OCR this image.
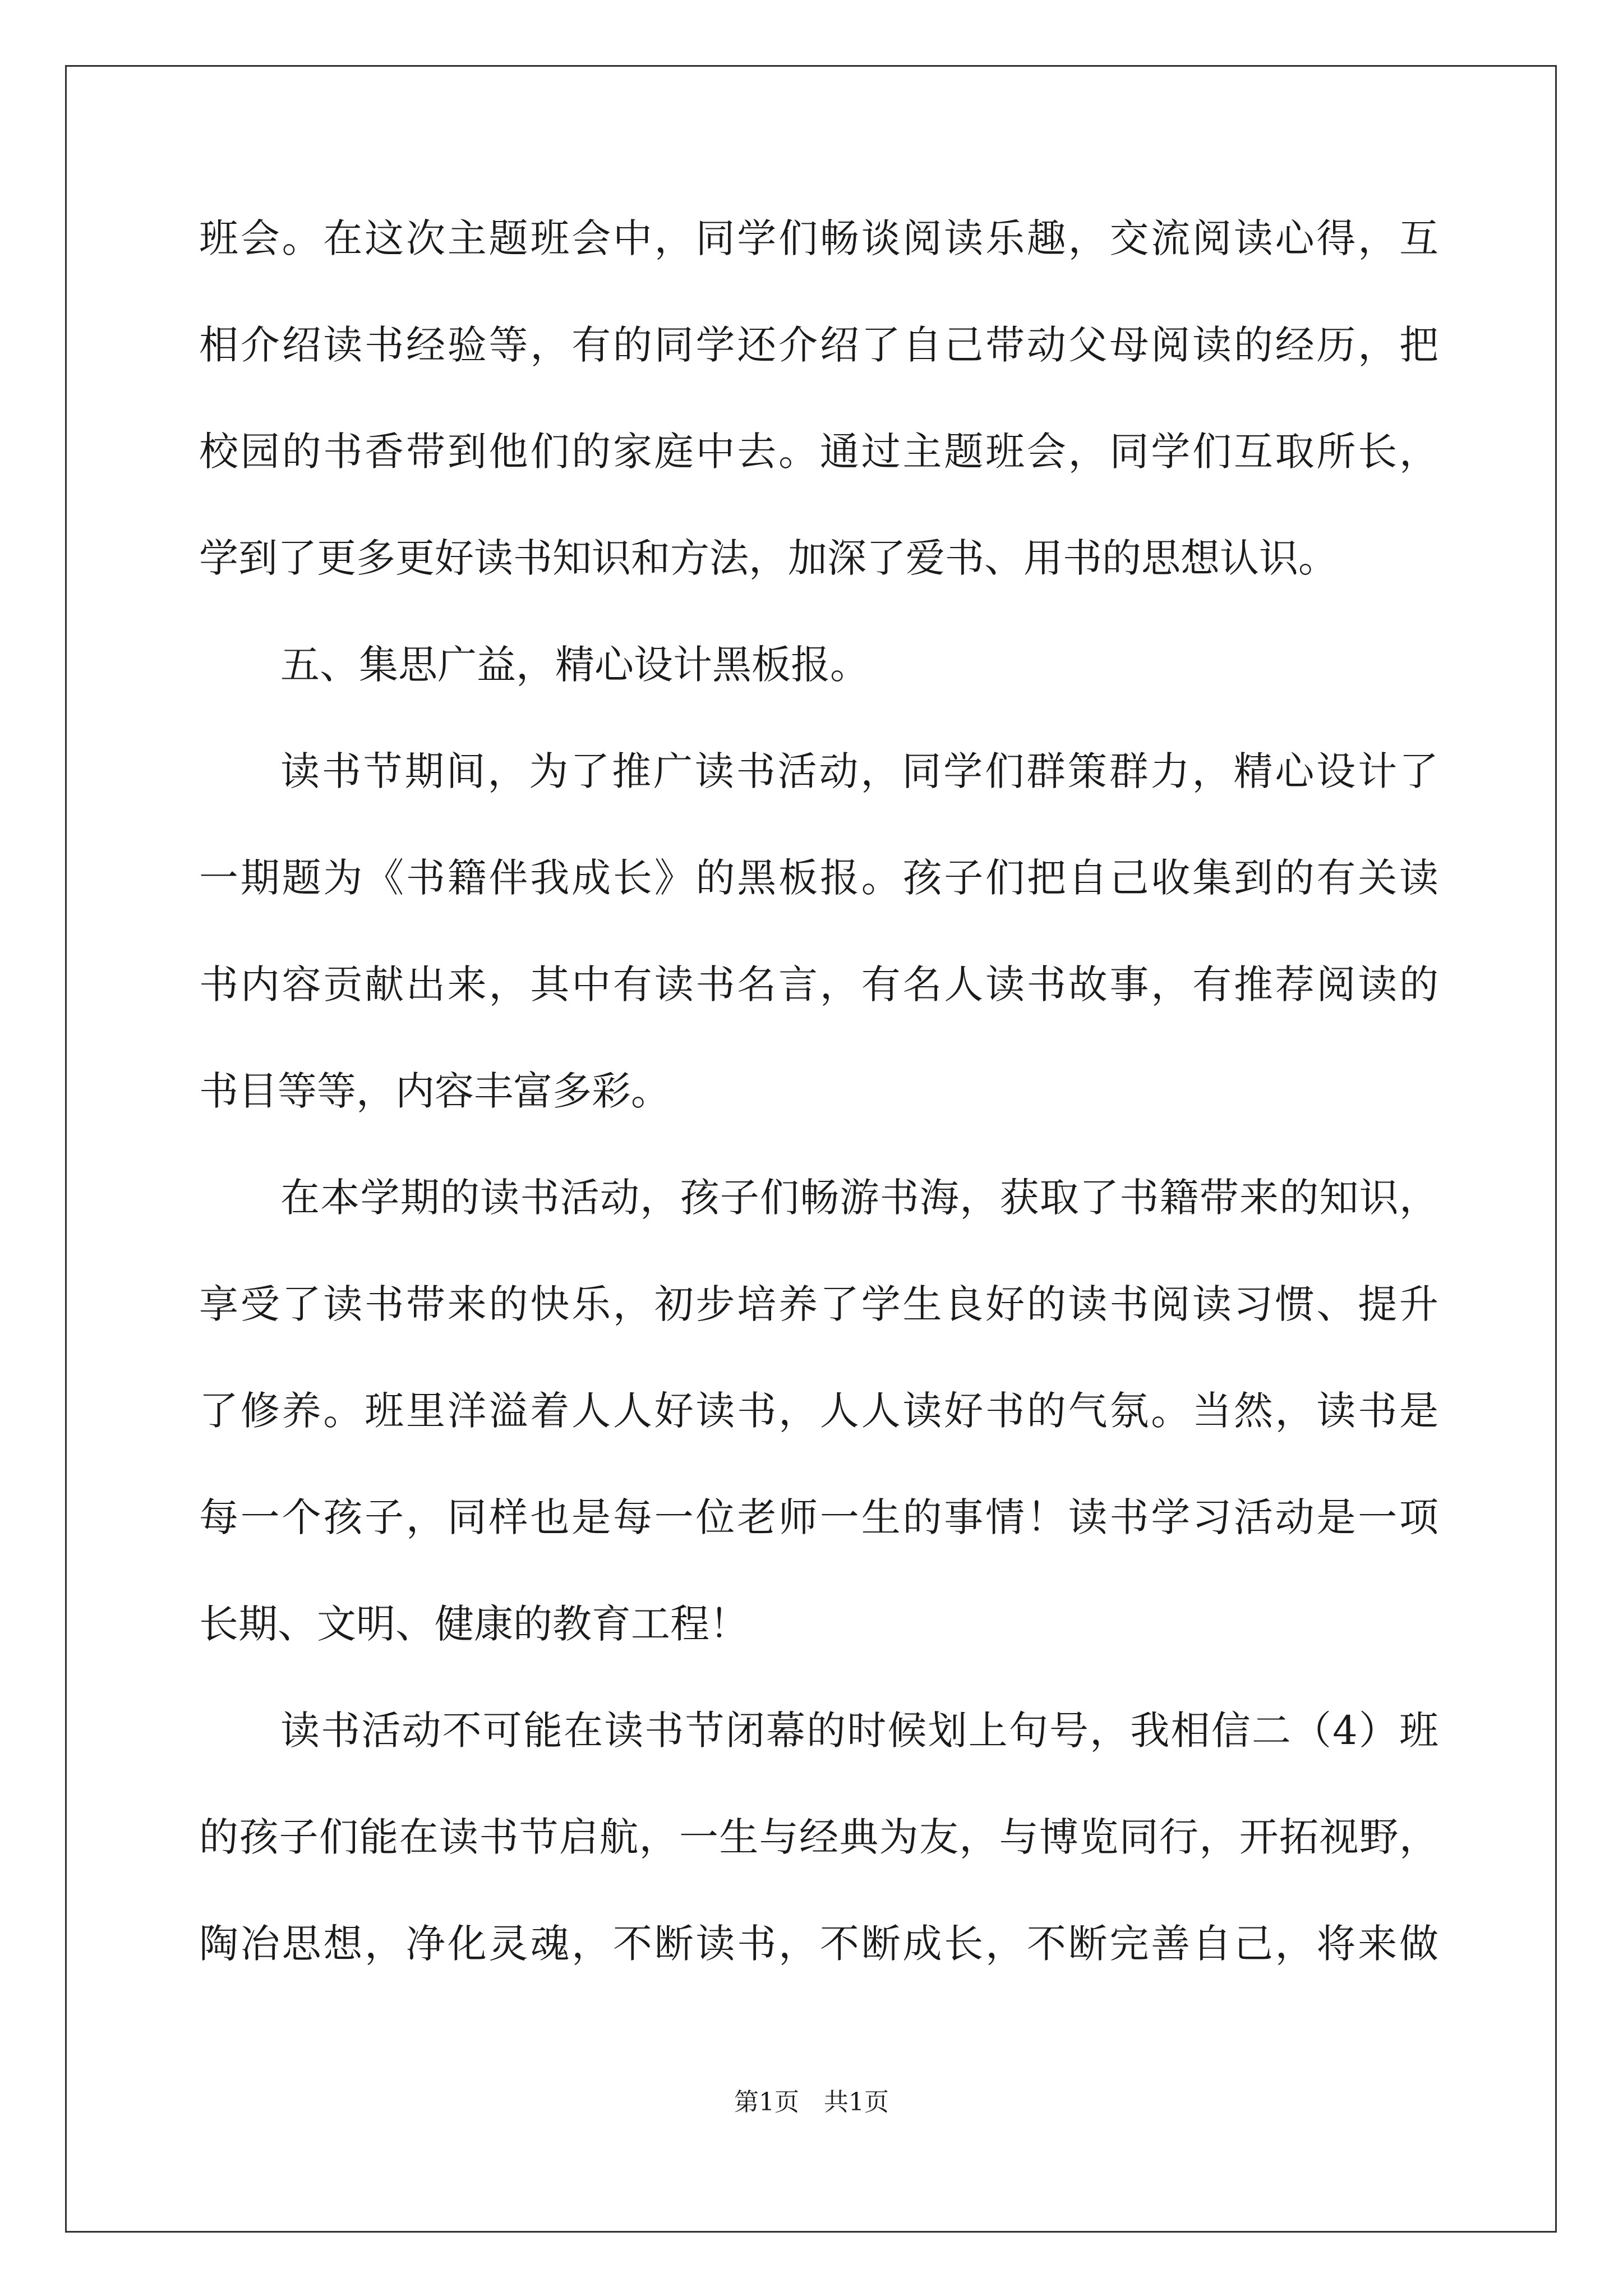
班会。在这次主题班会中，同学们畅谈阅读乐趣，交流阅读心得，互
相介绍读书经验等，有的同学还介绍了自己带动父母阅读的经历，把
校园的书香带到他们的家庭中去。通过主题班会，同学们互取所长，
学到了更多更好读书知识和方法，加深了爱书、用书的思想认识。
五、集思广益，精心设计黑板报。
读书节期间，为了推广读书活动，同学们群策群力，精心设计了
一期题为《书籍伴我成长》的黑板报。孩子们把自己收集到的有关读
书内容贡献出来，其中有读书名言，有名人读书故事，有推荐阅读的
书目等等，内容丰富多彩。
在本学期的读书活动，孩子们畅游书海，获取了书籍带来的知识，
享受了读书带来的快乐，初步培养了学生良好的读书阅读习惯、提升
了修养。班里洋溢着人人好读书，人人读好书的气氛。当然，读书是
每一个孩子，同样也是每一位老师一生的事情！读书学习活动是一项
长期、文明、健康的教育工程！
读书活动不可能在读书节闭幕的时候划上句号，我相信二（4）班
的孩子们能在读书节启航，一生与经典为友，与博览同行，开拓视野，
陶冶思想，净化灵魂，不断读书，不断成长，不断完善自己，将来做
第1页 共1页
